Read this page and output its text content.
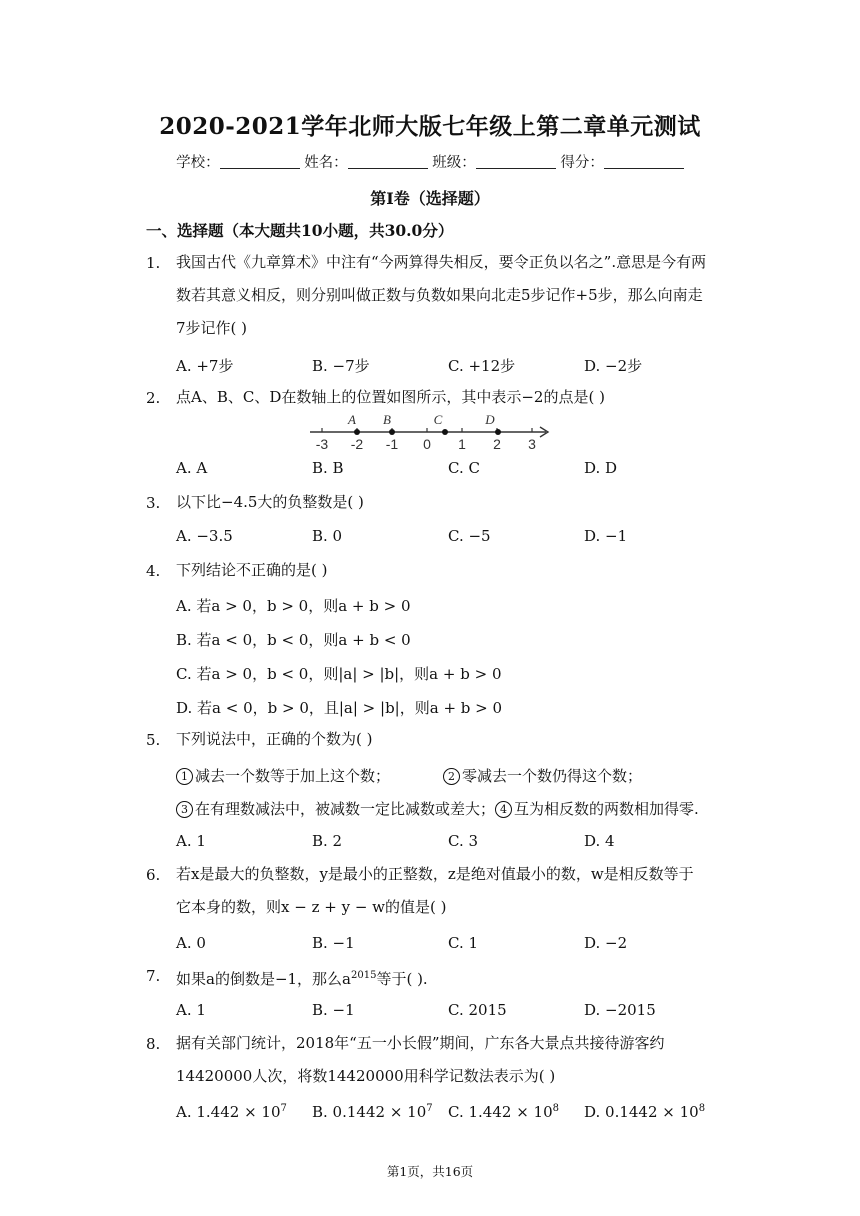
2020-2021学年北师大版七年级上第二章单元测试
学校：	姓名：	班级：	得分：
第I卷（选择题）
一、选择题（本大题共10小题，共30.0分）
1.	我国古代《九章算术》中注有“今两算得失相反，要令正负以名之”.意思是今有两
数若其意义相反，则分别叫做正数与负数如果向北走5步记作+5步，那么向南走
7步记作( )
A. +7步	B. −7步	C. +12步	D. −2步
2.	点A、B、C、D在数轴上的位置如图所示，其中表示−2的点是( )
-3 -2 -1 0 1 2 3
A B	C	D
A. A	B. B	C. C	D. D
3.	以下比−4.5大的负整数是( )
A. −3.5	B. 0	C. −5	D. −1
4.	下列结论不正确的是( )
A. 若a > 0，b > 0，则a + b > 0
B. 若a < 0，b < 0，则a + b < 0
C. 若a > 0，b < 0，则|a| > |b|，则a + b > 0
D. 若a < 0，b > 0，且|a| > |b|，则a + b > 0
5.	下列说法中，正确的个数为( )
1 减去一个数等于加上这个数；	2 零减去一个数仍得这个数；
3 在有理数减法中，被减数一定比减数或差大； 4 互为相反数的两数相加得零.
A. 1	B. 2	C. 3	D. 4
6.	若x是最大的负整数，y是最小的正整数，z是绝对值最小的数，w是相反数等于
它本身的数，则x − z + y − w的值是( )
A. 0	B. −1	C. 1	D. −2
7.	如果a的倒数是−1，那么$a^{2015}$等于( ).
A. 1	B. −1	C. 2015	D. −2015
8.	据有关部门统计，2018年“五一小长假”期间，广东各大景点共接待游客约
14420000人次，将数14420000用科学记数法表示为( )
A. $1.442 \times 10^7$ B. $0.1442 \times 10^7$ C. $1.442 \times 10^8$ D. $0.1442 \times 10^8$
第1页，共16页
